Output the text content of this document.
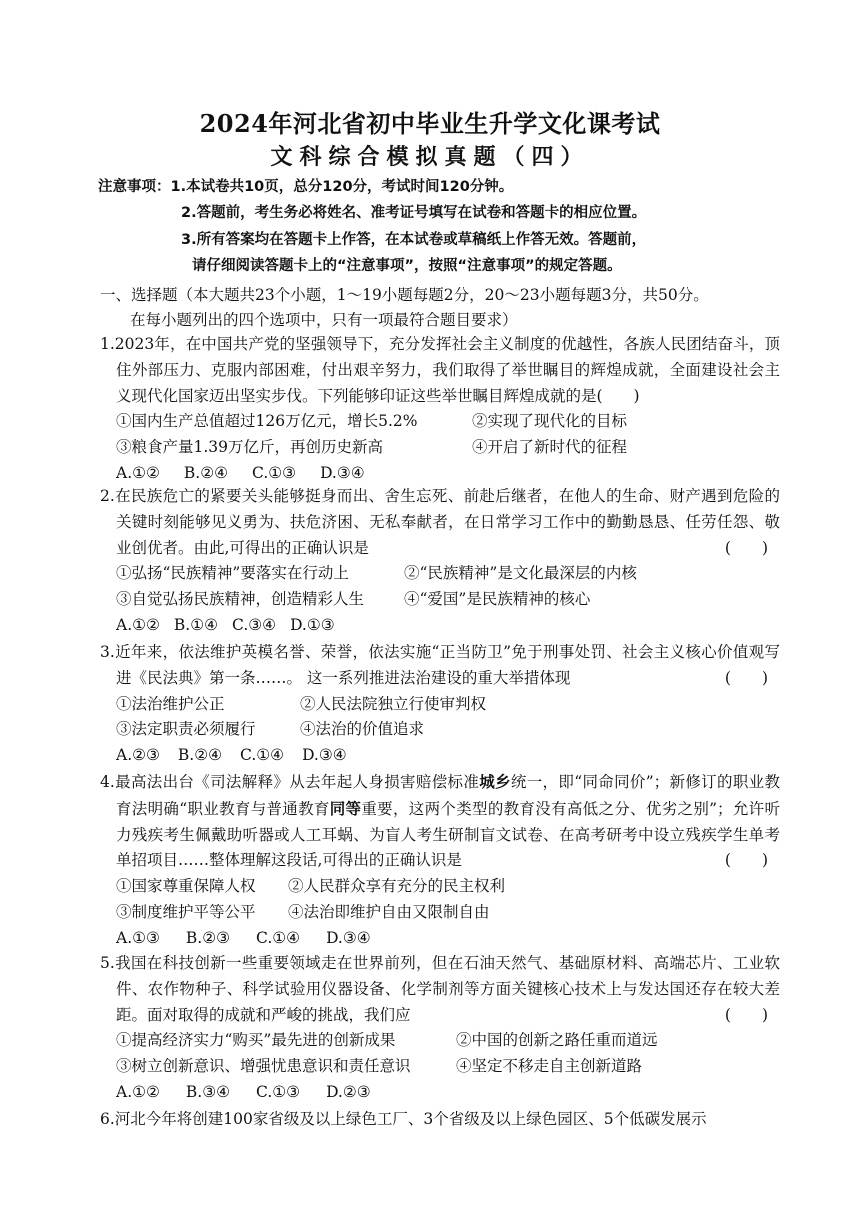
2024年河北省初中毕业生升学文化课考试
文科综合模拟真题（四）
注意事项：1.本试卷共10页，总分120分，考试时间120分钟。
2.答题前，考生务必将姓名、准考证号填写在试卷和答题卡的相应位置。
3.所有答案均在答题卡上作答，在本试卷或草稿纸上作答无效。答题前，
请仔细阅读答题卡上的“注意事项”，按照“注意事项”的规定答题。
一、选择题（本大题共23个小题，1～19小题每题2分，20～23小题每题3分，共50分。
在每小题列出的四个选项中，只有一项最符合题目要求）
1.2023年，在中国共产党的坚强领导下，充分发挥社会主义制度的优越性，各族人民团结奋斗，顶住外部压力、克服内部困难，付出艰辛努力，我们取得了举世瞩目的辉煌成就，全面建设社会主义现代化国家迈出坚实步伐。下列能够印证这些举世瞩目辉煌成就的是(　　)
①国内生产总值超过126万亿元，增长5.2%	②实现了现代化的目标
③粮食产量1.39万亿斤，再创历史新高	④开启了新时代的征程
A.①② B.②④ C.①③ D.③④
2.在民族危亡的紧要关头能够挺身而出、舍生忘死、前赴后继者，在他人的生命、财产遇到危险的关键时刻能够见义勇为、扶危济困、无私奉献者，在日常学习工作中的勤勤恳恳、任劳任怨、敬业创优者。由此,可得出的正确认识是	(　　)
①弘扬“民族精神”要落实在行动上	②“民族精神”是文化最深层的内核
③自觉弘扬民族精神，创造精彩人生	④“爱国”是民族精神的核心
A.①② B.①④ C.③④ D.①③
3.近年来，依法维护英模名誉、荣誉，依法实施“正当防卫”免于刑事处罚、社会主义核心价值观写进《民法典》第一条……。 这一系列推进法治建设的重大举措体现	(　　)
①法治维护公正	②人民法院独立行使审判权
③法定职责必须履行	④法治的价值追求
A.②③ B.②④ C.①④ D.③④
4.最高法出台《司法解释》从去年起人身损害赔偿标准城乡统一，即“同命同价”；新修订的职业教育法明确“职业教育与普通教育同等重要，这两个类型的教育没有高低之分、优劣之别”；允许听力残疾考生佩戴助听器或人工耳蜗、为盲人考生研制盲文试卷、在高考研考中设立残疾学生单考单招项目……整体理解这段话,可得出的正确认识是	(　　)
①国家尊重保障人权	②人民群众享有充分的民主权利
③制度维护平等公平	④法治即维护自由又限制自由
A.①③ B.②③ C.①④ D.③④
5.我国在科技创新一些重要领域走在世界前列，但在石油天然气、基础原材料、高端芯片、工业软件、农作物种子、科学试验用仪器设备、化学制剂等方面关键核心技术上与发达国还存在较大差距。面对取得的成就和严峻的挑战，我们应	(　　)
①提高经济实力“购买”最先进的创新成果	②中国的创新之路任重而道远
③树立创新意识、增强忧患意识和责任意识	④坚定不移走自主创新道路
A.①② B.③④ C.①③ D.②③
6.河北今年将创建100家省级及以上绿色工厂、3个省级及以上绿色园区、5个低碳发展示
